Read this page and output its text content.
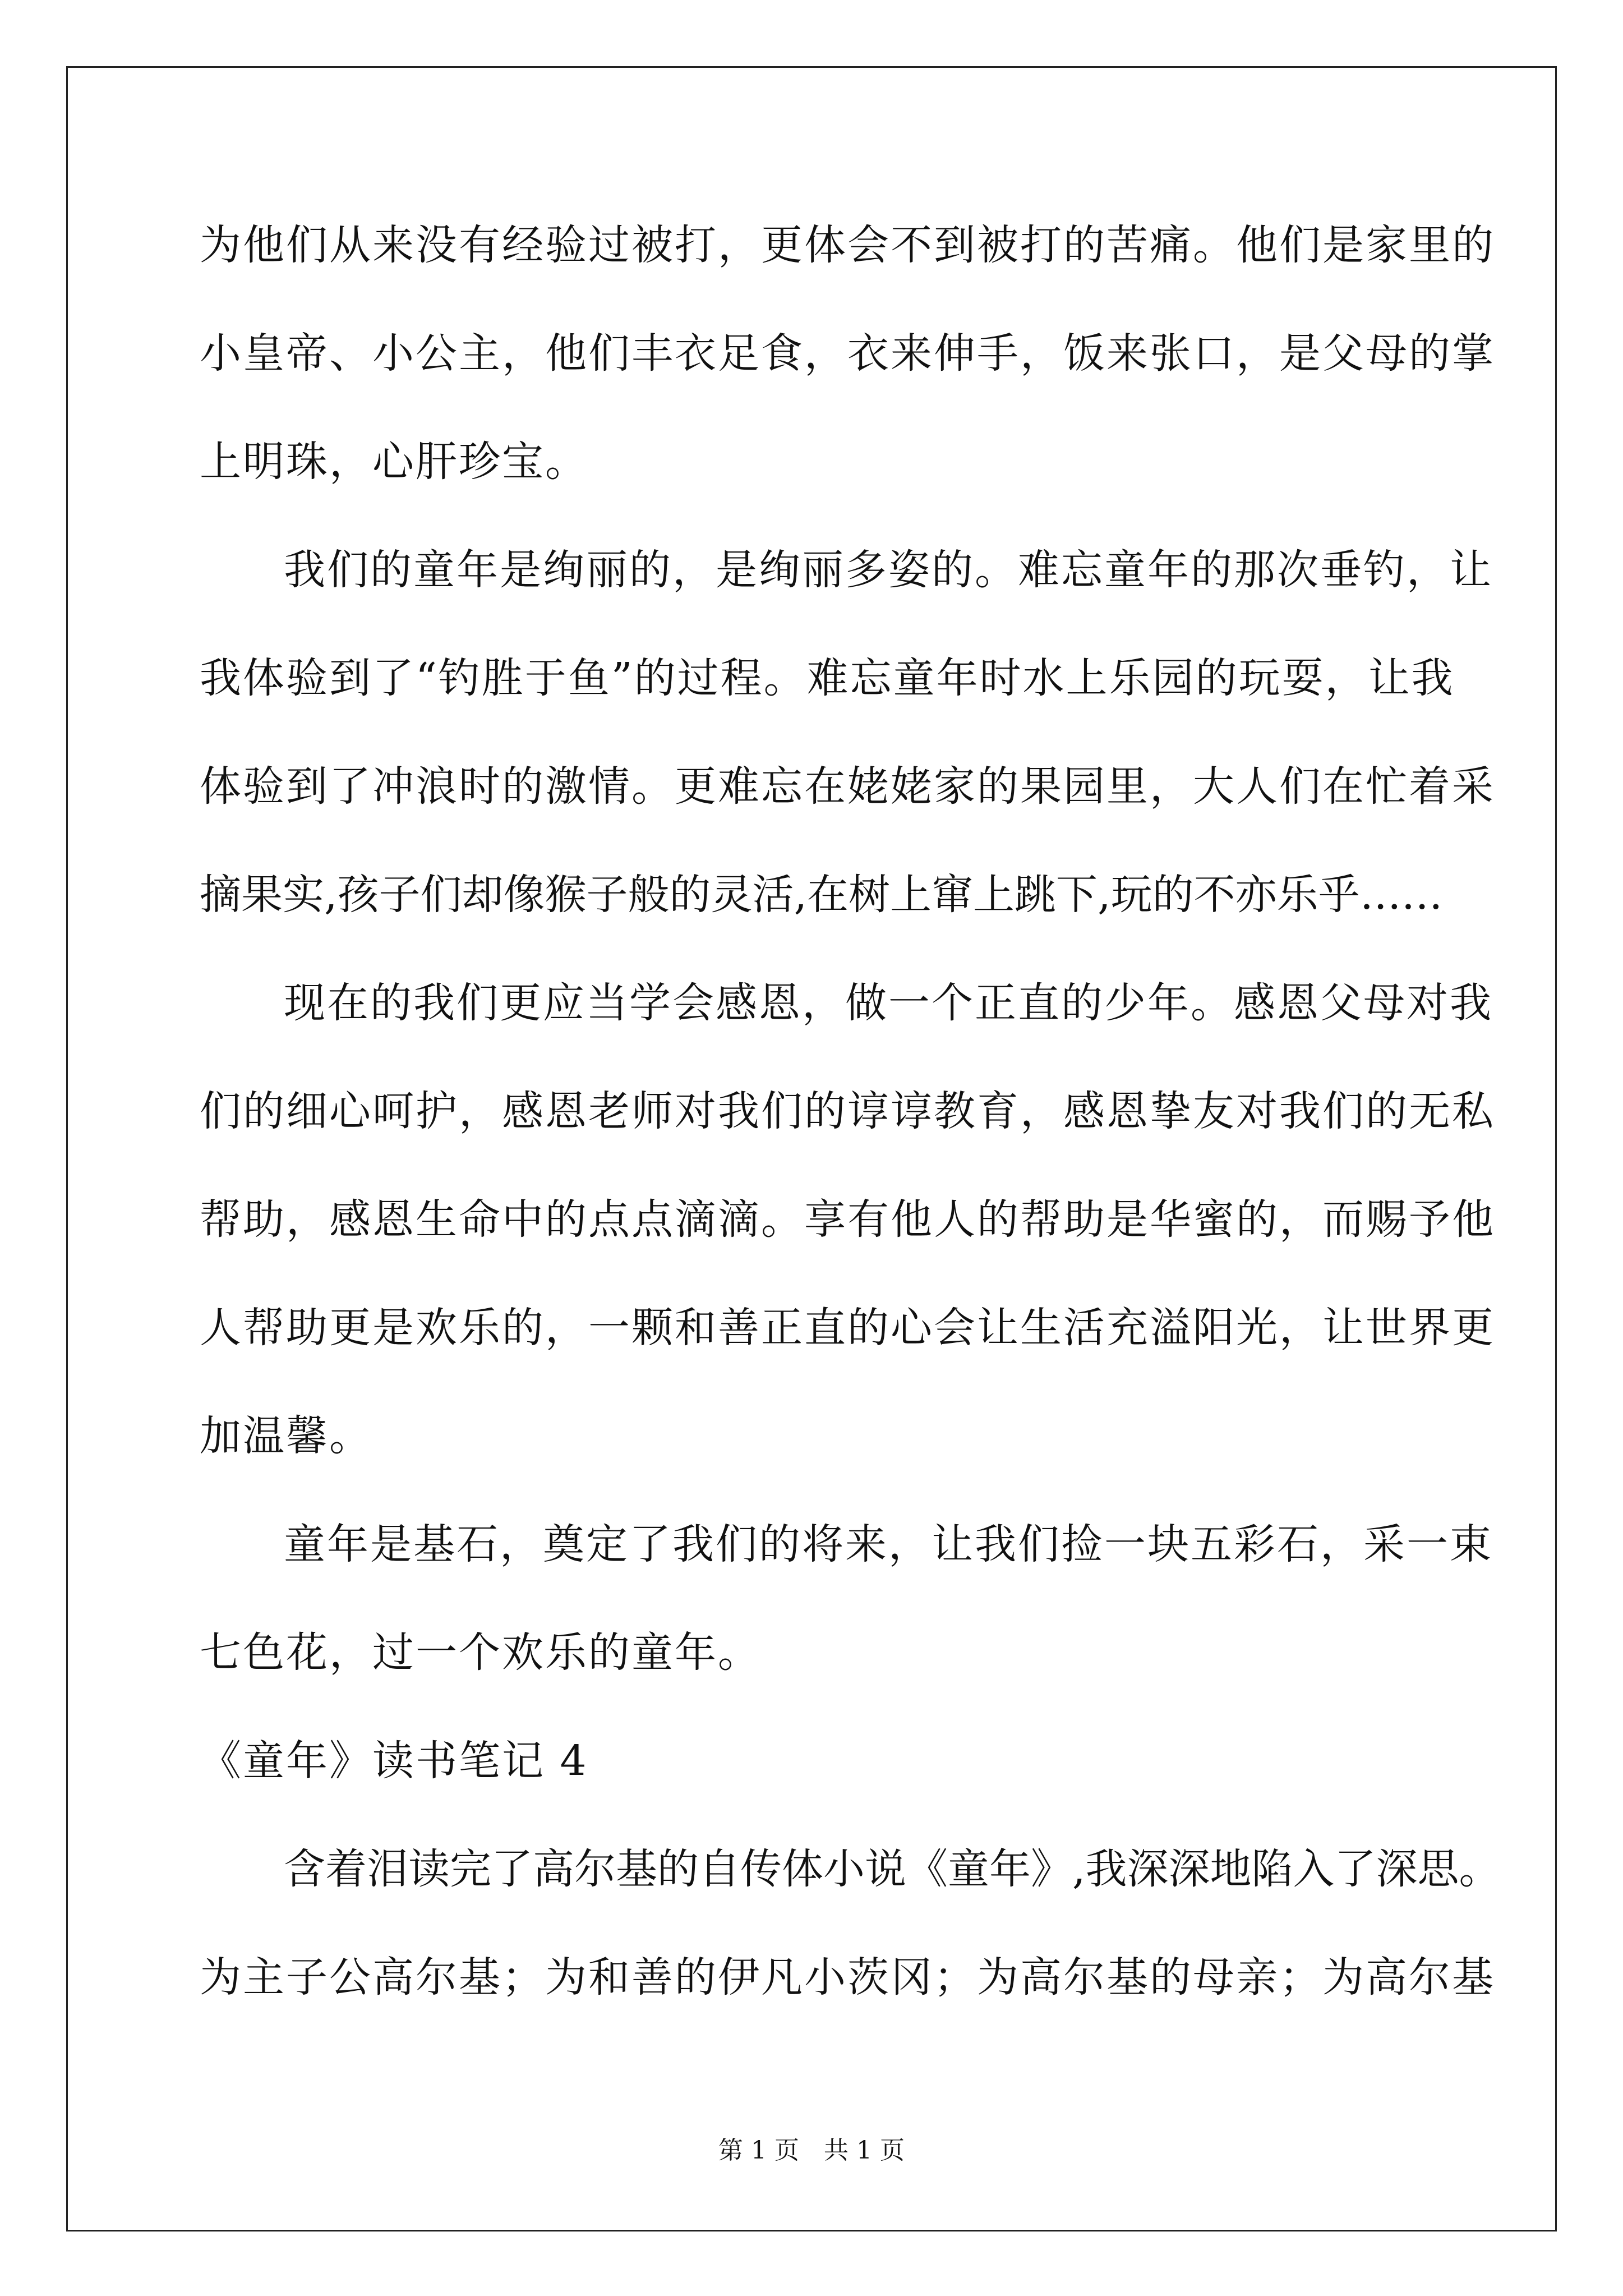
为他们从来没有经验过被打，更体会不到被打的苦痛。他们是家里的
小皇帝、小公主，他们丰衣足食，衣来伸手，饭来张口，是父母的掌
上明珠，心肝珍宝。
我们的童年是绚丽的，是绚丽多姿的。难忘童年的那次垂钓，让
我体验到了“钓胜于鱼”的过程。难忘童年时水上乐园的玩耍，让我
体验到了冲浪时的激情。更难忘在姥姥家的果园里，大人们在忙着采
摘果实,孩子们却像猴子般的灵活,在树上窜上跳下,玩的不亦乐乎……
现在的我们更应当学会感恩，做一个正直的少年。感恩父母对我
们的细心呵护，感恩老师对我们的谆谆教育，感恩挚友对我们的无私
帮助，感恩生命中的点点滴滴。享有他人的帮助是华蜜的，而赐予他
人帮助更是欢乐的，一颗和善正直的心会让生活充溢阳光，让世界更
加温馨。
童年是基石，奠定了我们的将来，让我们捡一块五彩石，采一束
七色花，过一个欢乐的童年。
《童年》读书笔记 4
含着泪读完了高尔基的自传体小说《童年》,我深深地陷入了深思。
为主子公高尔基；为和善的伊凡小茨冈；为高尔基的母亲；为高尔基
第 1 页　共 1 页
